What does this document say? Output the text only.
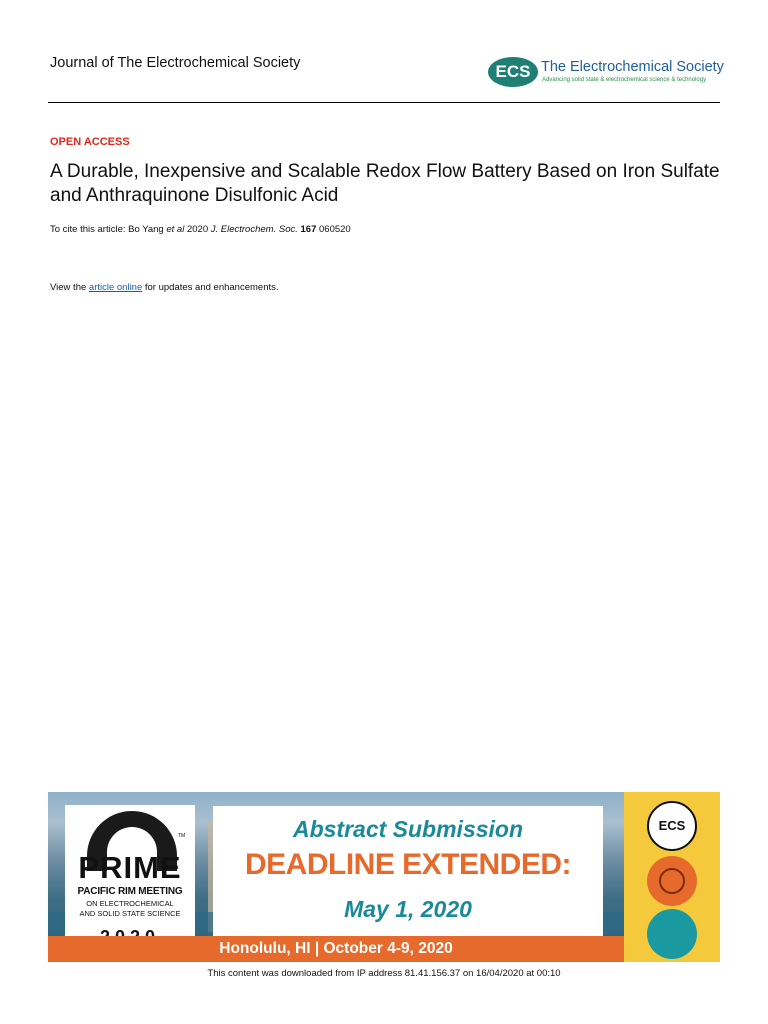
Journal of The Electrochemical Society	ECS The Electrochemical Society
Advancing solid state & electrochemical science & technology
OPEN ACCESS
A Durable, Inexpensive and Scalable Redox Flow Battery Based on Iron Sulfate and Anthraquinone Disulfonic Acid
To cite this article: Bo Yang et al 2020 J. Electrochem. Soc. 167 060520
View the article online for updates and enhancements.
TM
PRIME
PACIFIC RIM MEETING
ON ELECTROCHEMICAL
AND SOLID STATE SCIENCE
Abstract Submission
DEADLINE EXTENDED:
May 1, 2020
Honolulu, HI | October 4-9, 2020
ECS
This content was downloaded from IP address 81.41.156.37 on 16/04/2020 at 00:10
